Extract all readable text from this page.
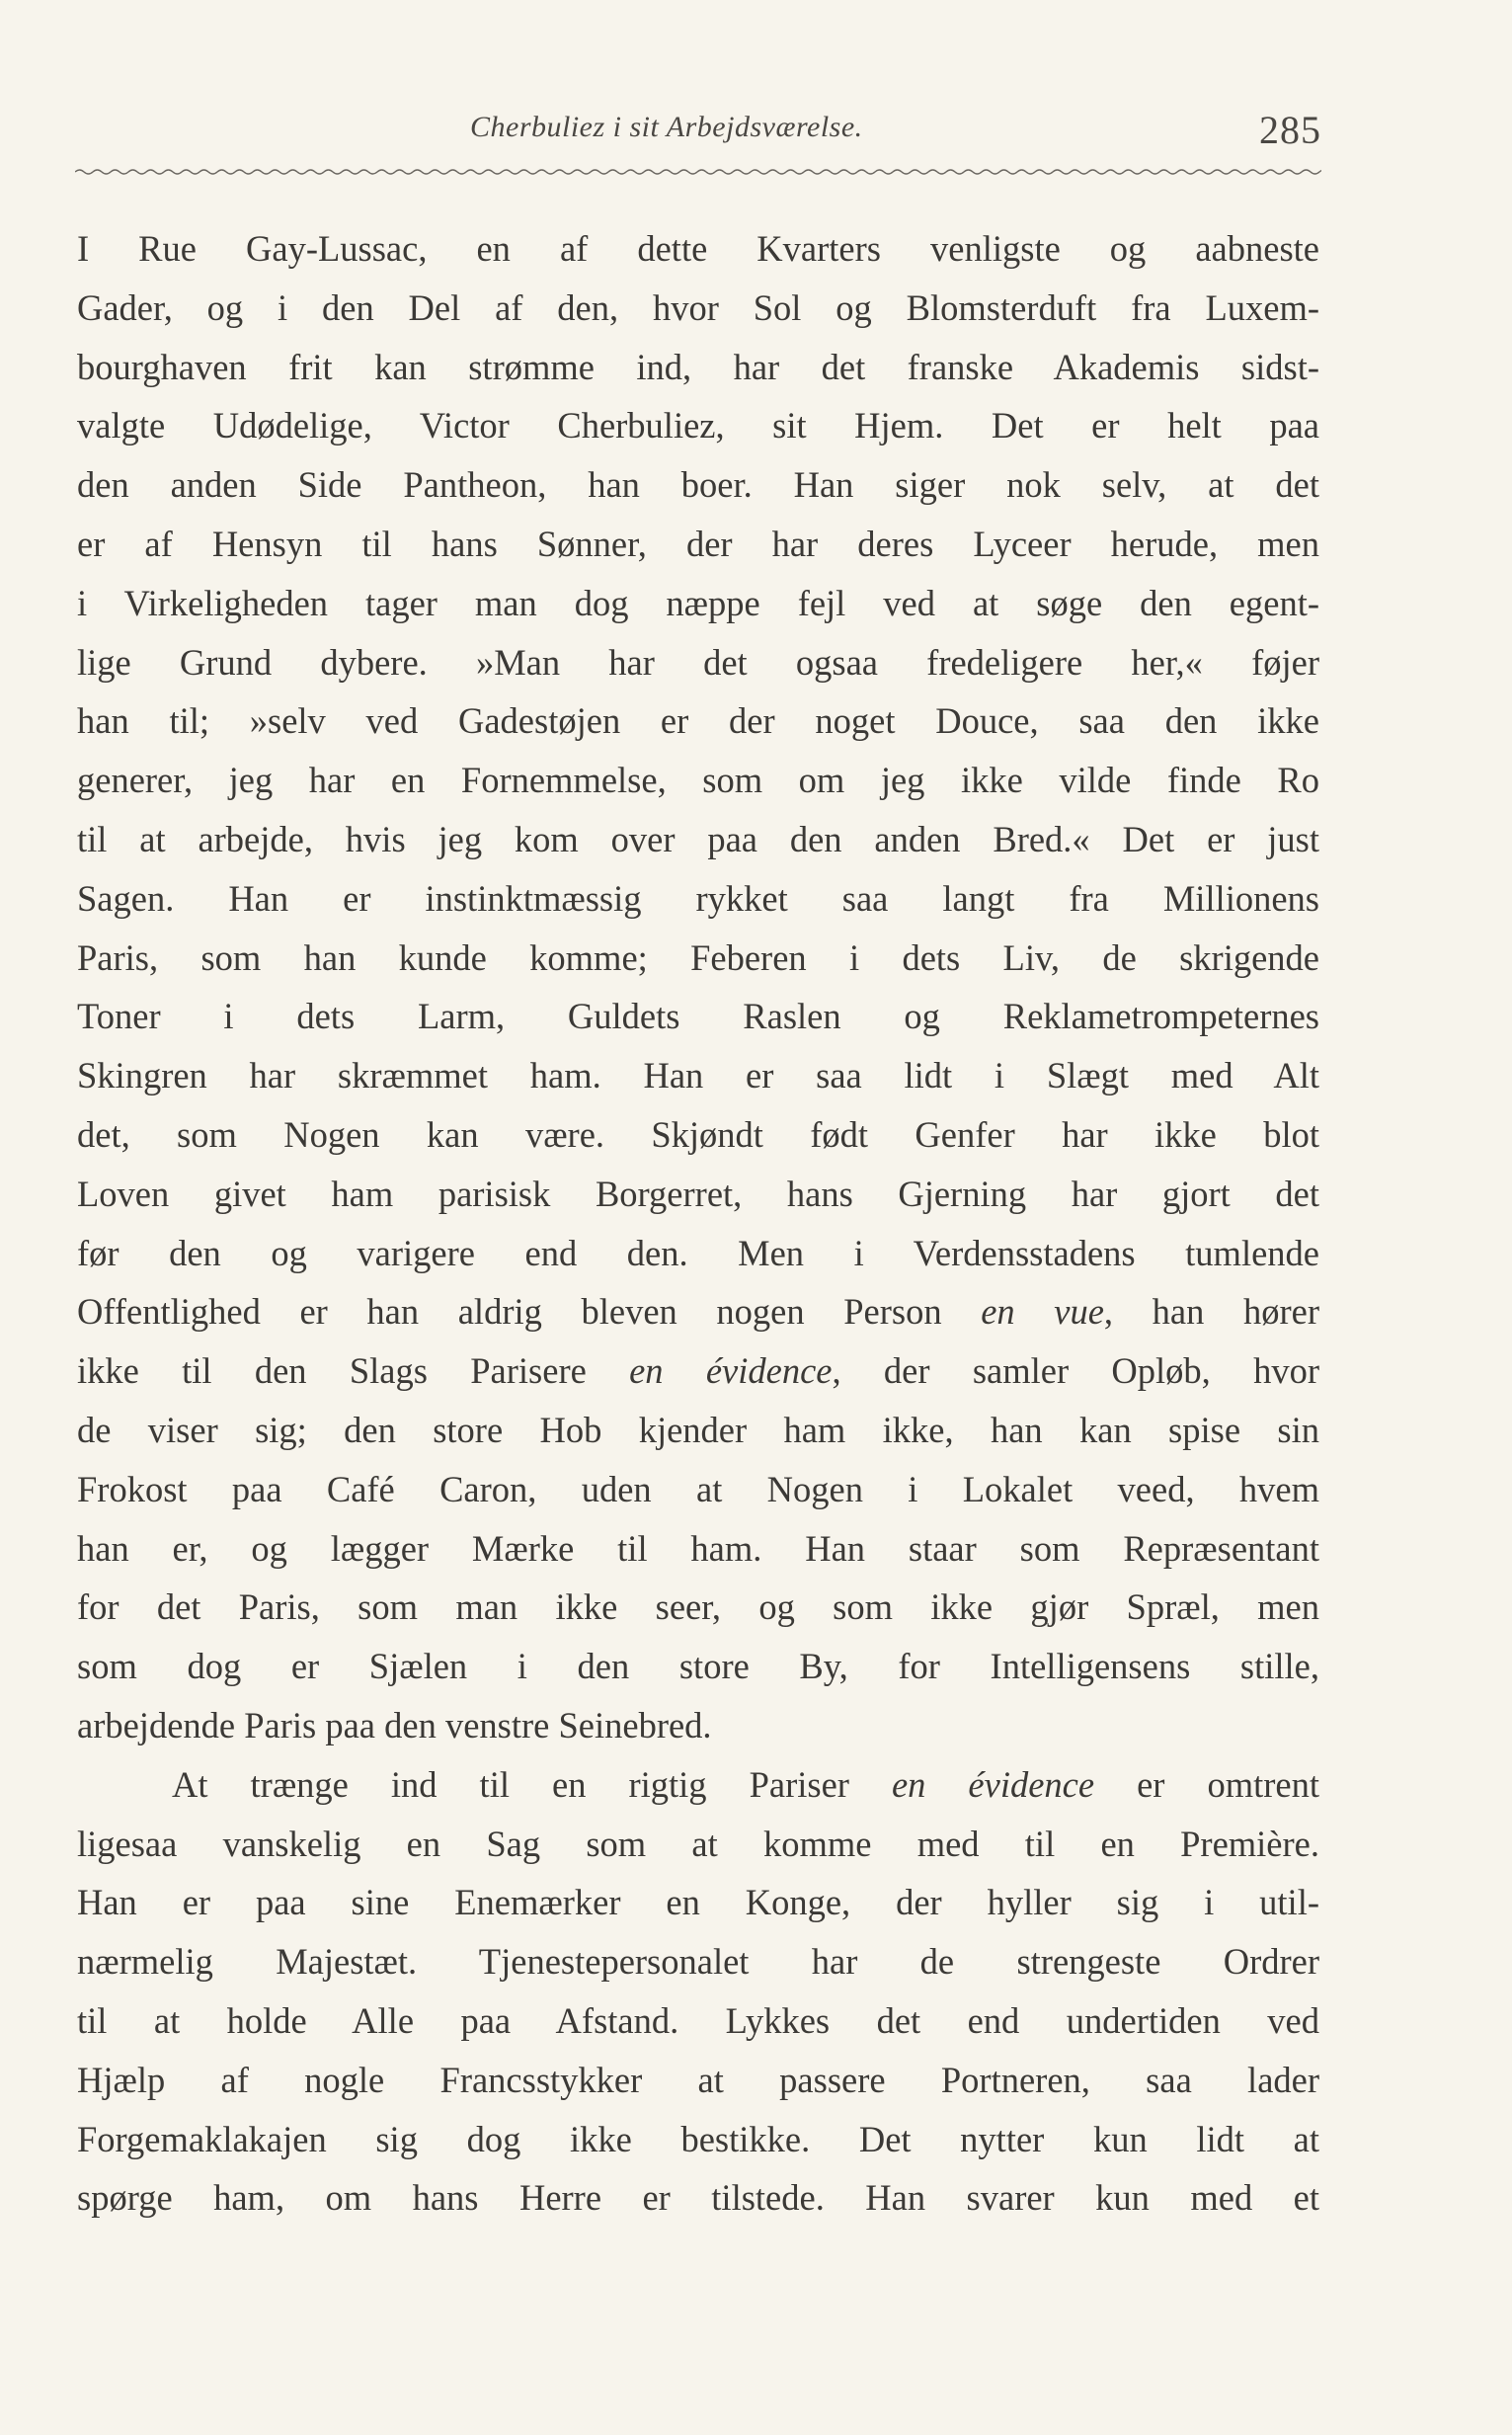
Cherbuliez i sit Arbejdsværelse.	285
I Rue Gay-Lussac, en af dette Kvarters venligste og aabneste
Gader, og i den Del af den, hvor Sol og Blomsterduft fra Luxem-
bourghaven frit kan strømme ind, har det franske Akademis sidst-
valgte Udødelige, Victor Cherbuliez, sit Hjem. Det er helt paa
den anden Side Pantheon, han boer. Han siger nok selv, at det
er af Hensyn til hans Sønner, der har deres Lyceer herude, men
i Virkeligheden tager man dog næppe fejl ved at søge den egent-
lige Grund dybere. »Man har det ogsaa fredeligere her,« føjer
han til; »selv ved Gadestøjen er der noget Douce, saa den ikke
generer, jeg har en Fornemmelse, som om jeg ikke vilde finde Ro
til at arbejde, hvis jeg kom over paa den anden Bred.« Det er just
Sagen. Han er instinktmæssig rykket saa langt fra Millionens
Paris, som han kunde komme; Feberen i dets Liv, de skrigende
Toner i dets Larm, Guldets Raslen og Reklametrompeternes
Skingren har skræmmet ham. Han er saa lidt i Slægt med Alt
det, som Nogen kan være. Skjøndt født Genfer har ikke blot
Loven givet ham parisisk Borgerret, hans Gjerning har gjort det
før den og varigere end den. Men i Verdensstadens tumlende
Offentlighed er han aldrig bleven nogen Person en vue, han hører
ikke til den Slags Parisere en évidence, der samler Opløb, hvor
de viser sig; den store Hob kjender ham ikke, han kan spise sin
Frokost paa Café Caron, uden at Nogen i Lokalet veed, hvem
han er, og lægger Mærke til ham. Han staar som Repræsentant
for det Paris, som man ikke seer, og som ikke gjør Spræl, men
som dog er Sjælen i den store By, for Intelligensens stille,
arbejdende Paris paa den venstre Seinebred.
At trænge ind til en rigtig Pariser en évidence er omtrent
ligesaa vanskelig en Sag som at komme med til en Première.
Han er paa sine Enemærker en Konge, der hyller sig i util-
nærmelig Majestæt. Tjenestepersonalet har de strengeste Ordrer
til at holde Alle paa Afstand. Lykkes det end undertiden ved
Hjælp af nogle Francsstykker at passere Portneren, saa lader
Forgemaklakajen sig dog ikke bestikke. Det nytter kun lidt at
spørge ham, om hans Herre er tilstede. Han svarer kun med et
